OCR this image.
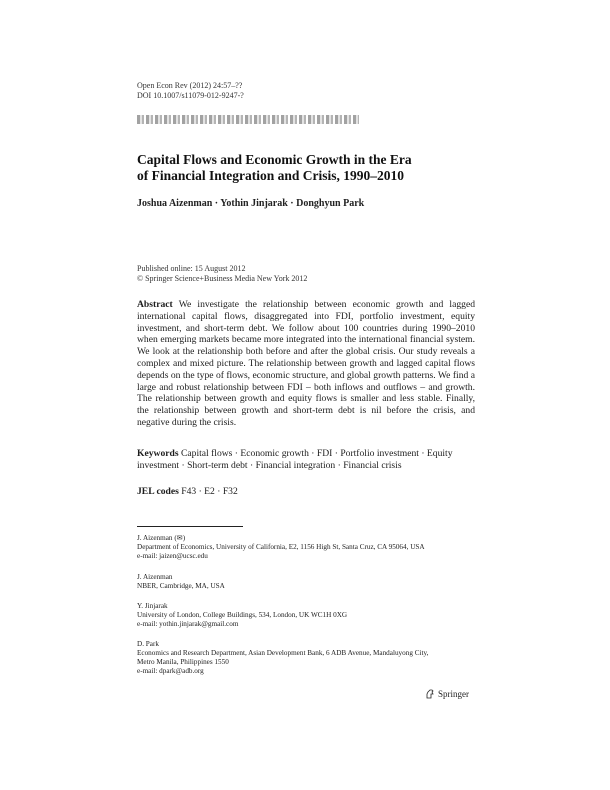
Open Econ Rev (2012) 24:57–??
DOI 10.1007/s11079-012-9247-?
Capital Flows and Economic Growth in the Era
of Financial Integration and Crisis, 1990–2010
Joshua Aizenman · Yothin Jinjarak · Donghyun Park
Published online: 15 August 2012
© Springer Science+Business Media New York 2012
Abstract We investigate the relationship between economic growth and lagged international capital flows, disaggregated into FDI, portfolio investment, equity investment, and short-term debt. We follow about 100 countries during 1990–2010 when emerging markets became more integrated into the international financial system. We look at the relationship both before and after the global crisis. Our study reveals a complex and mixed picture. The relationship between growth and lagged capital flows depends on the type of flows, economic structure, and global growth patterns. We find a large and robust relationship between FDI – both inflows and outflows – and growth. The relationship between growth and equity flows is smaller and less stable. Finally, the relationship between growth and short-term debt is nil before the crisis, and negative during the crisis.
Keywords Capital flows · Economic growth · FDI · Portfolio investment · Equity investment · Short-term debt · Financial integration · Financial crisis
JEL codes F43 · E2 · F32
J. Aizenman (✉)
Department of Economics, University of California, E2, 1156 High St, Santa Cruz, CA 95064, USA
e-mail: jaizen@ucsc.edu
J. Aizenman
NBER, Cambridge, MA, USA
Y. Jinjarak
University of London, College Buildings, 534, London, UK WC1H 0XG
e-mail: yothin.jinjarak@gmail.com
D. Park
Economics and Research Department, Asian Development Bank, 6 ADB Avenue, Mandaluyong City,
Metro Manila, Philippines 1550
e-mail: dpark@adb.org
Springer
